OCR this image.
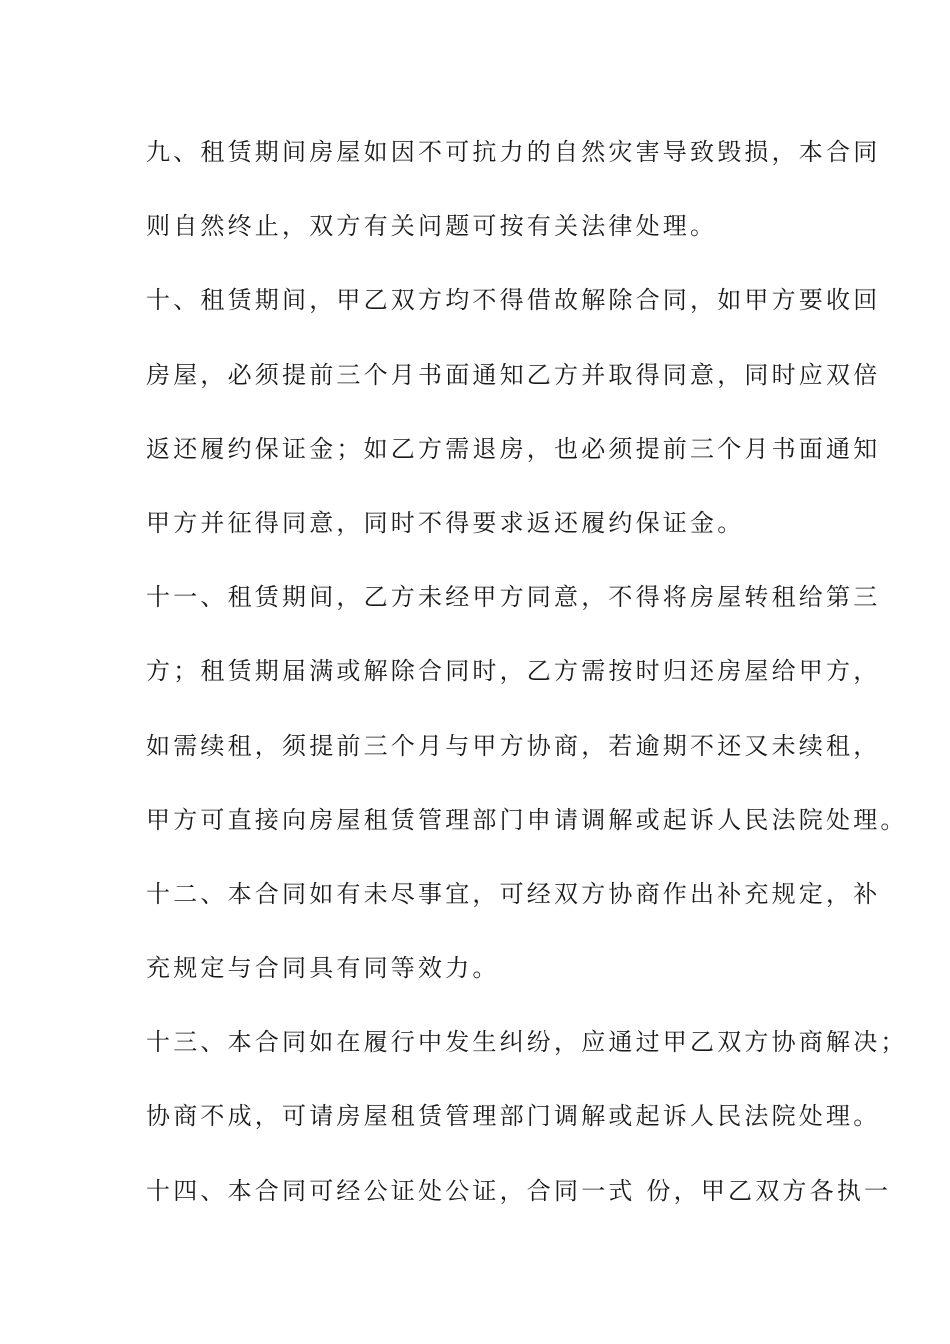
九、租赁期间房屋如因不可抗力的自然灾害导致毁损，本合同
则自然终止，双方有关问题可按有关法律处理。
十、租赁期间，甲乙双方均不得借故解除合同，如甲方要收回
房屋，必须提前三个月书面通知乙方并取得同意，同时应双倍
返还履约保证金；如乙方需退房，也必须提前三个月书面通知
甲方并征得同意，同时不得要求返还履约保证金。
十一、租赁期间，乙方未经甲方同意，不得将房屋转租给第三
方；租赁期届满或解除合同时，乙方需按时归还房屋给甲方，
如需续租，须提前三个月与甲方协商，若逾期不还又未续租，
甲方可直接向房屋租赁管理部门申请调解或起诉人民法院处理。
十二、本合同如有未尽事宜，可经双方协商作出补充规定，补
充规定与合同具有同等效力。
十三、本合同如在履行中发生纠纷，应通过甲乙双方协商解决；
协商不成，可请房屋租赁管理部门调解或起诉人民法院处理。
十四、本合同可经公证处公证，合同一式 份，甲乙双方各执一
